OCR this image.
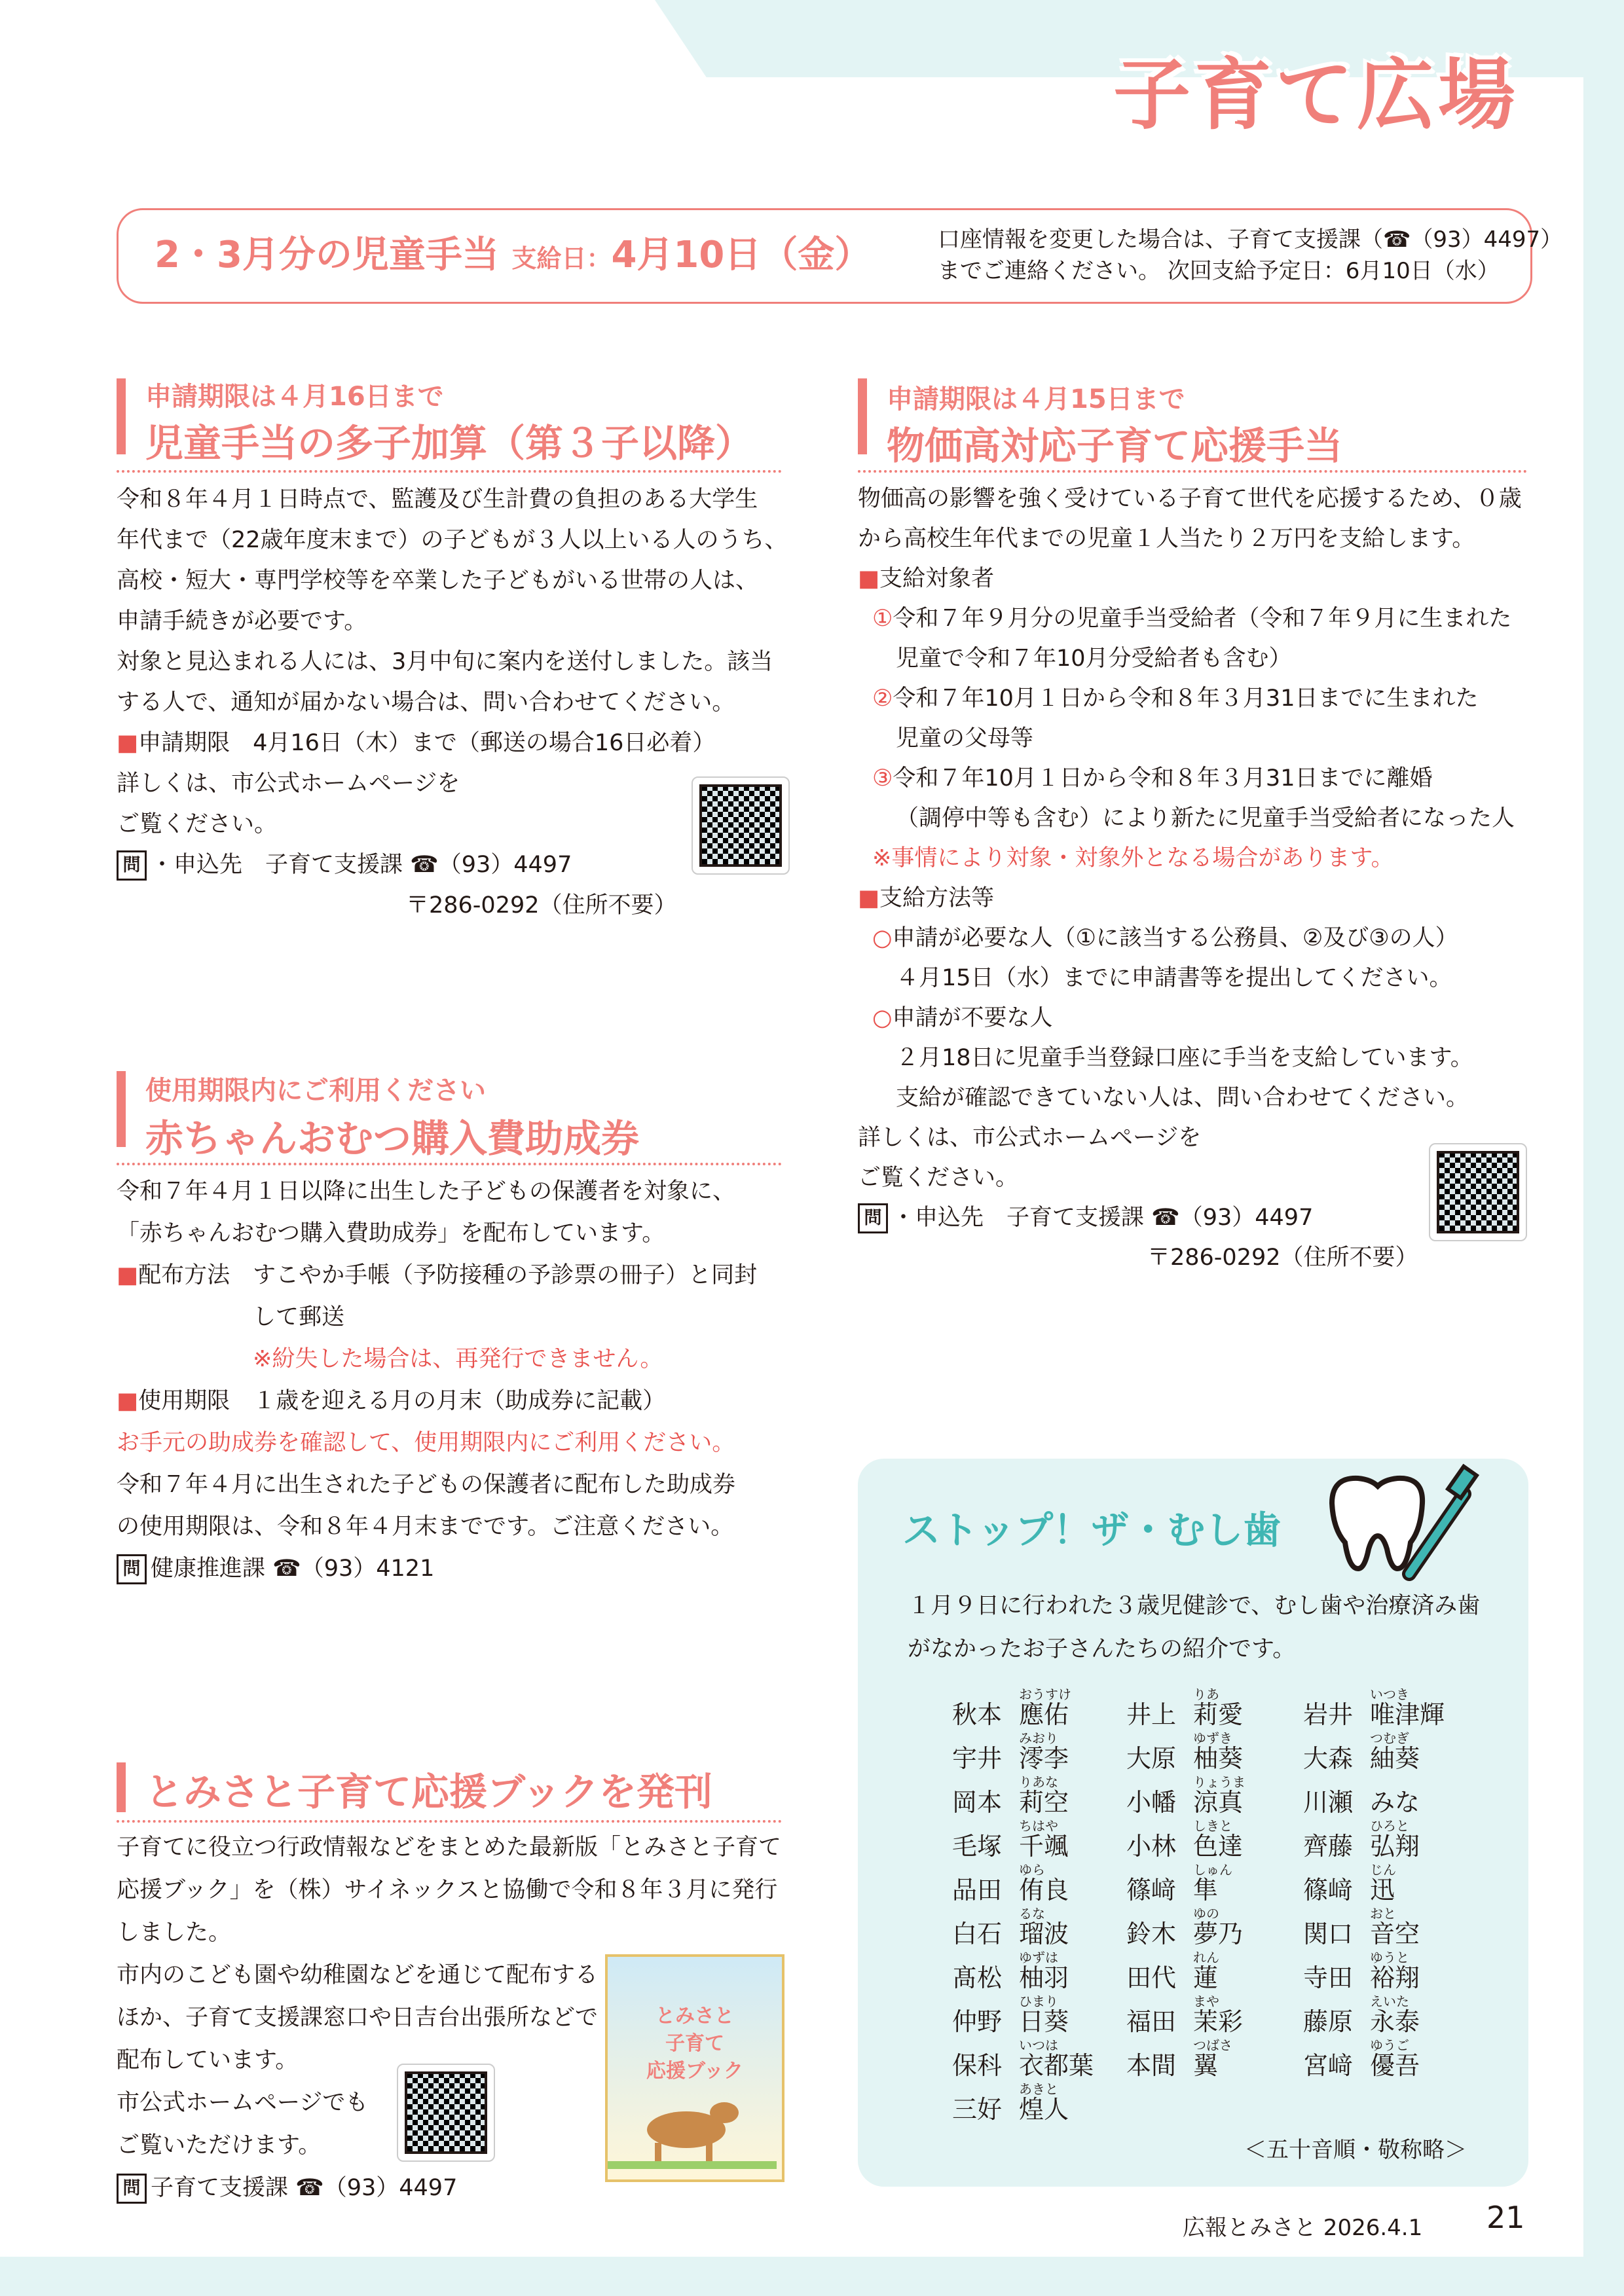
子育て広場
2・3月分の児童手当 支給日：4月10日（金）	口座情報を変更した場合は、子育て支援課（☎（93）4497）
までご連絡ください。 次回支給予定日：6月10日（水）
申請期限は４月16日まで
児童手当の多子加算（第３子以降）
令和８年４月１日時点で、監護及び生計費の負担のある大学生
年代まで（22歳年度末まで）の子どもが３人以上いる人のうち、
高校・短大・専門学校等を卒業した子どもがいる世帯の人は、
申請手続きが必要です。
対象と見込まれる人には、3月中旬に案内を送付しました。該当
する人で、通知が届かない場合は、問い合わせてください。
■申請期限　4月16日（木）まで（郵送の場合16日必着）
詳しくは、市公式ホームページを
ご覧ください。
問 ・申込先　子育て支援課 ☎（93）4497
〒286-0292（住所不要）
申請期限は４月15日まで
物価高対応子育て応援手当
物価高の影響を強く受けている子育て世代を応援するため、０歳
から高校生年代までの児童１人当たり２万円を支給します。
■支給対象者
①令和７年９月分の児童手当受給者（令和７年９月に生まれた
児童で令和７年10月分受給者も含む）
②令和７年10月１日から令和８年３月31日までに生まれた
児童の父母等
③令和７年10月１日から令和８年３月31日までに離婚
（調停中等も含む）により新たに児童手当受給者になった人
※事情により対象・対象外となる場合があります。
■支給方法等
○申請が必要な人（①に該当する公務員、②及び③の人）
４月15日（水）までに申請書等を提出してください。
○申請が不要な人
２月18日に児童手当登録口座に手当を支給しています。
支給が確認できていない人は、問い合わせてください。
詳しくは、市公式ホームページを
ご覧ください。
問 ・申込先　子育て支援課 ☎（93）4497
〒286-0292（住所不要）
使用期限内にご利用ください
赤ちゃんおむつ購入費助成券
令和７年４月１日以降に出生した子どもの保護者を対象に、
「赤ちゃんおむつ購入費助成券」を配布しています。
■配布方法　すこやか手帳（予防接種の予診票の冊子）と同封
して郵送
※紛失した場合は、再発行できません。
■使用期限　１歳を迎える月の月末（助成券に記載）
お手元の助成券を確認して、使用期限内にご利用ください。
令和７年４月に出生された子どもの保護者に配布した助成券
の使用期限は、令和８年４月末までです。ご注意ください。
問 健康推進課 ☎（93）4121
とみさと子育て応援ブックを発刊
子育てに役立つ行政情報などをまとめた最新版「とみさと子育て
応援ブック」を（株）サイネックスと協働で令和８年３月に発行
しました。
市内のこども園や幼稚園などを通じて配布する
ほか、子育て支援課窓口や日吉台出張所などで
配布しています。
市公式ホームページでも
ご覧いただけます。
問 子育て支援課 ☎（93）4497
とみさと
子育て
応援ブック
ストップ！ザ・むし歯
１月９日に行われた３歳児健診で、むし歯や治療済み歯
がなかったお子さんたちの紹介です。
おうすけ
秋本 應佑
みおり
宇井 澪李
りあな
岡本 莉空
ちはや
毛塚 千颯
ゆら
品田 侑良
るな
白石 瑠波
ゆずは
髙松 柚羽
ひまり
仲野 日葵
いつは
保科 衣都葉
あきと
三好 煌人
りあ
井上 莉愛
ゆずき
大原 柚葵
りょうま
小幡 涼真
しきと
小林 色達
しゅん
篠﨑 隼
ゆの
鈴木 夢乃
れん
田代 蓮
まや
福田 茉彩
つばさ
本間 翼
いつき
岩井 唯津輝
つむぎ
大森 紬葵
川瀬 みな
ひろと
齊藤 弘翔
じん
篠﨑 迅
おと
関口 音空
ゆうと
寺田 裕翔
えいた
藤原 永泰
ゆうご
宮﨑 優吾
＜五十音順・敬称略＞
広報とみさと 2026.4.1 21
